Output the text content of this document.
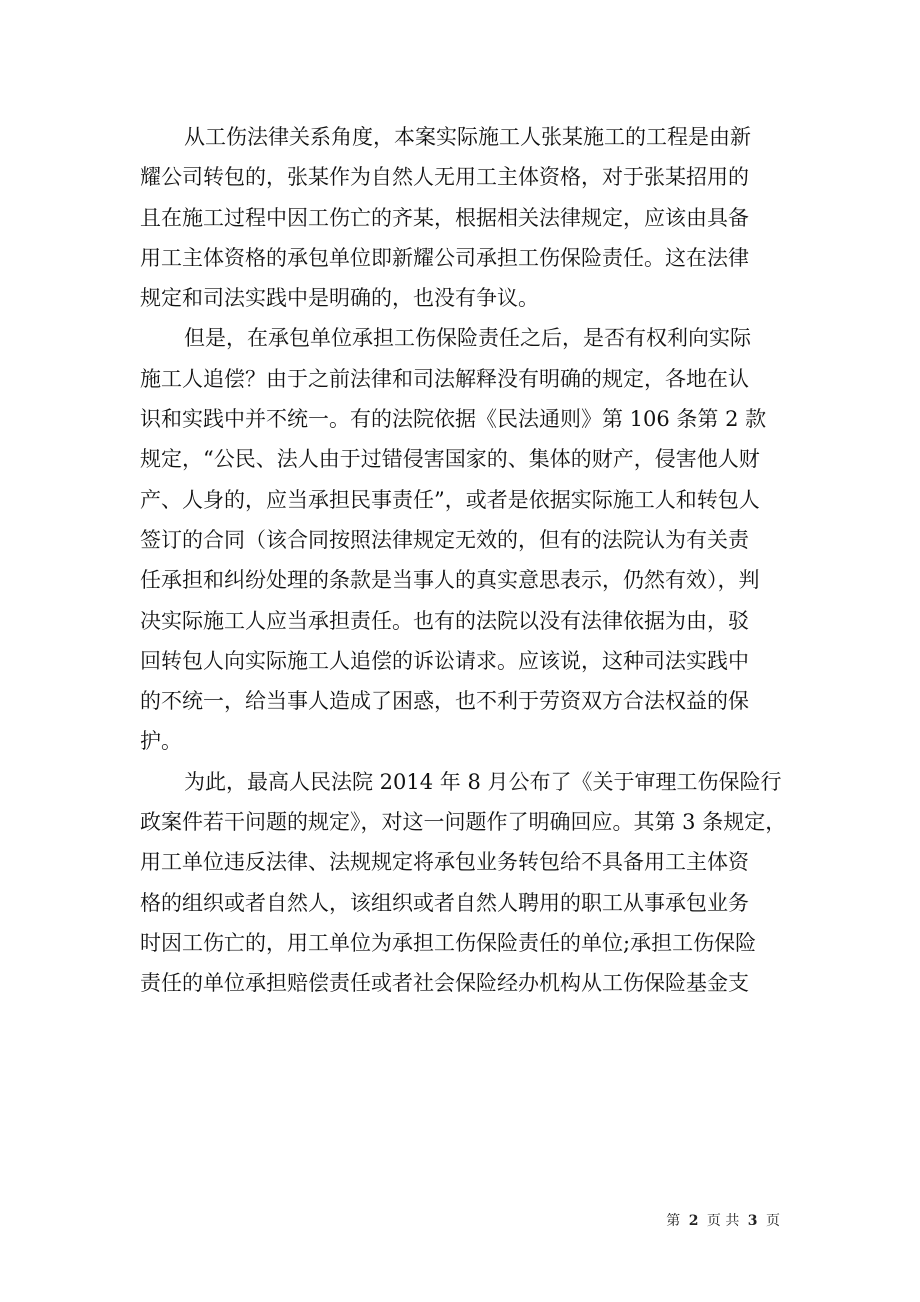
从工伤法律关系角度，本案实际施工人张某施工的工程是由新
耀公司转包的，张某作为自然人无用工主体资格，对于张某招用的
且在施工过程中因工伤亡的齐某，根据相关法律规定，应该由具备
用工主体资格的承包单位即新耀公司承担工伤保险责任。这在法律
规定和司法实践中是明确的，也没有争议。
但是，在承包单位承担工伤保险责任之后，是否有权利向实际
施工人追偿？由于之前法律和司法解释没有明确的规定，各地在认
识和实践中并不统一。有的法院依据《民法通则》第 106 条第 2 款
规定，“公民、法人由于过错侵害国家的、集体的财产，侵害他人财
产、人身的，应当承担民事责任”，或者是依据实际施工人和转包人
签订的合同（该合同按照法律规定无效的，但有的法院认为有关责
任承担和纠纷处理的条款是当事人的真实意思表示，仍然有效），判
决实际施工人应当承担责任。也有的法院以没有法律依据为由，驳
回转包人向实际施工人追偿的诉讼请求。应该说，这种司法实践中
的不统一，给当事人造成了困惑，也不利于劳资双方合法权益的保
护。
为此，最高人民法院 2014 年 8 月公布了《关于审理工伤保险行
政案件若干问题的规定》，对这一问题作了明确回应。其第 3 条规定，
用工单位违反法律、法规规定将承包业务转包给不具备用工主体资
格的组织或者自然人，该组织或者自然人聘用的职工从事承包业务
时因工伤亡的，用工单位为承担工伤保险责任的单位;承担工伤保险
责任的单位承担赔偿责任或者社会保险经办机构从工伤保险基金支
第 2 页 共 3 页
